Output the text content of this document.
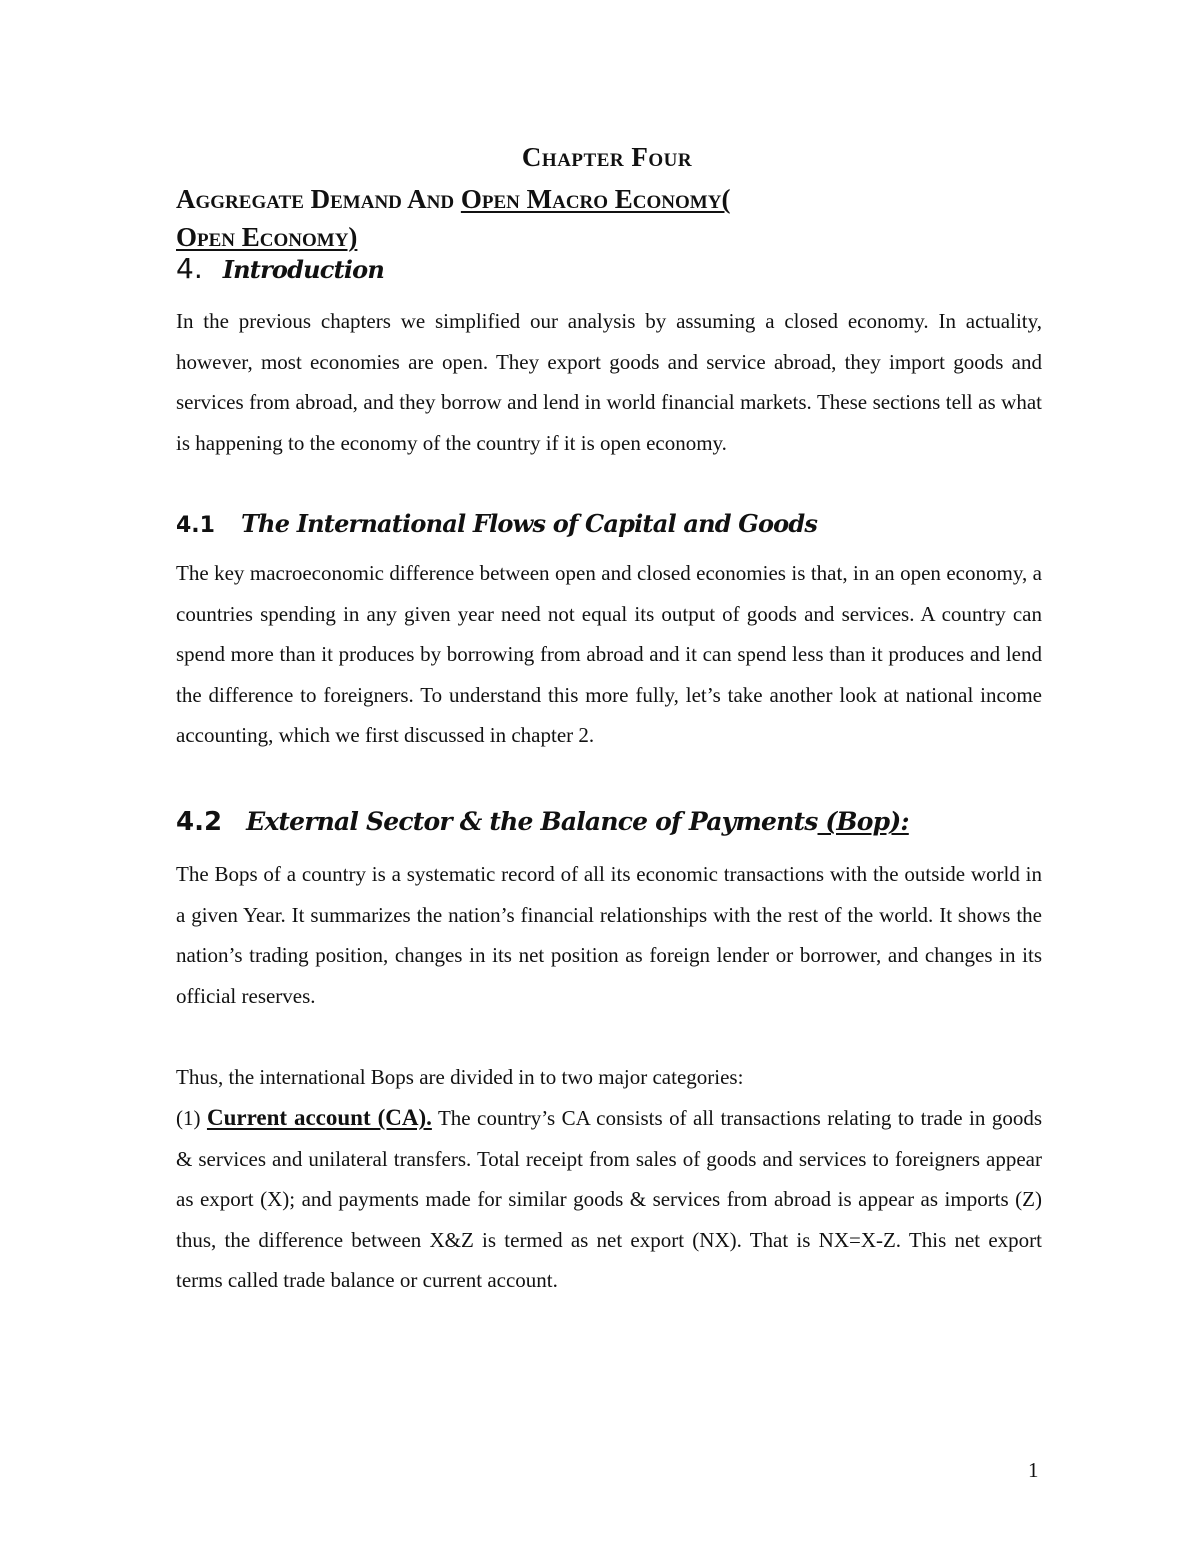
Chapter Four

Aggregate Demand And Open Macro Economy(
Open Economy)

4. Introduction

In the previous chapters we simplified our analysis by assuming a closed economy. In actuality, however, most economies are open. They export goods and service abroad, they import goods and services from abroad, and they borrow and lend in world financial markets. These sections tell as what is happening to the economy of the country if it is open economy.

4.1 The International Flows of Capital and Goods

The key macroeconomic difference between open and closed economies is that, in an open economy, a countries spending in any given year need not equal its output of goods and services. A country can spend more than it produces by borrowing from abroad and it can spend less than it produces and lend the difference to foreigners. To understand this more fully, let’s take another look at national income accounting, which we first discussed in chapter 2.

4.2 External Sector & the Balance of Payments (Bop):

The Bops of a country is a systematic record of all its economic transactions with the outside world in a given Year. It summarizes the nation’s financial relationships with the rest of the world. It shows the nation’s trading position, changes in its net position as foreign lender or borrower, and changes in its official reserves.

Thus, the international Bops are divided in to two major categories:

(1) Current account (CA). The country’s CA consists of all transactions relating to trade in goods & services and unilateral transfers. Total receipt from sales of goods and services to foreigners appear as export (X); and payments made for similar goods & services from abroad is appear as imports (Z) thus, the difference between X&Z is termed as net export (NX). That is NX=X-Z. This net export terms called trade balance or current account.

1
